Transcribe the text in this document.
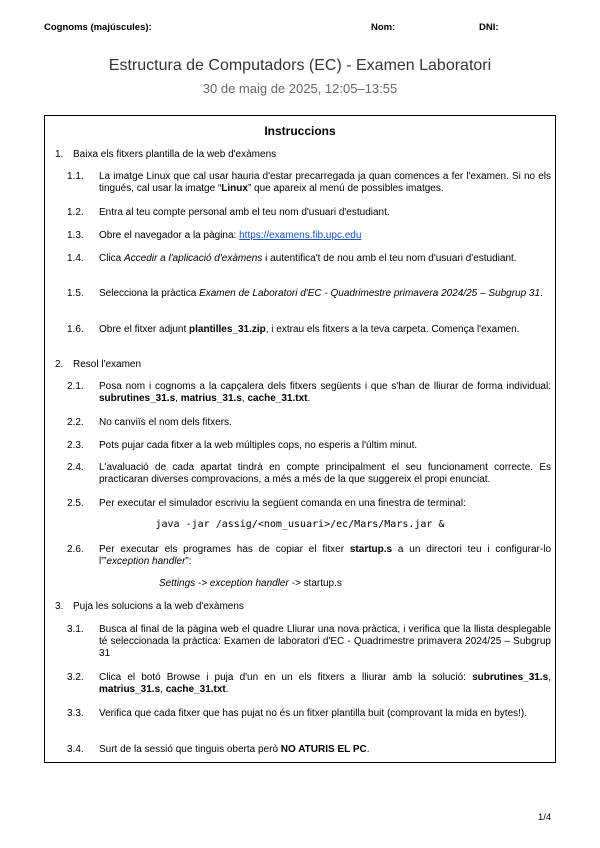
Cognoms (majúscules):	Nom:	DNI:
Estructura de Computadors (EC) - Examen Laboratori
30 de maig de 2025, 12:05–13:55
Instruccions
1. Baixa els fitxers plantilla de la web d'exàmens
1.1. La imatge Linux que cal usar hauria d'estar precarregada ja quan comences a fer l'examen. Si no els tingués, cal usar la imatge “Linux” que apareix al menú de possibles imatges.
1.2. Entra al teu compte personal amb el teu nom d'usuari d'estudiant.
1.3. Obre el navegador a la pàgina: https://examens.fib.upc.edu
1.4. Clica Accedir a l'aplicació d'exàmens i autentifica't de nou amb el teu nom d'usuari d'estudiant.
1.5. Selecciona la pràctica Examen de Laboratori d'EC - Quadrimestre primavera 2024/25 – Subgrup 31.
1.6. Obre el fitxer adjunt plantilles_31.zip, i extrau els fitxers a la teva carpeta. Comença l'examen.
2. Resol l'examen
2.1. Posa nom i cognoms a la capçalera dels fitxers següents i que s'han de lliurar de forma individual: subrutines_31.s, matrius_31.s, cache_31.txt.
2.2. No canviïs el nom dels fitxers.
2.3. Pots pujar cada fitxer a la web múltiples cops, no esperis a l'últim minut.
2.4. L'avaluació de cada apartat tindrà en compte principalment el seu funcionament correcte. Es practicaran diverses comprovacions, a més a més de la que suggereix el propi enunciat.
2.5. Per executar el simulador escriviu la següent comanda en una finestra de terminal:
java -jar /assig/<nom_usuari>/ec/Mars/Mars.jar &
2.6. Per executar els programes has de copiar el fitxer startup.s a un directori teu i configurar-lo l'”exception handler”:
Settings -> exception handler -> startup.s
3. Puja les solucions a la web d'exàmens
3.1. Busca al final de la pàgina web el quadre Lliurar una nova pràctica, i verifica que la llista desplegable té seleccionada la pràctica: Examen de laboratori d'EC - Quadrimestre primavera 2024/25 – Subgrup 31
3.2. Clica el botó Browse i puja d'un en un els fitxers a lliurar amb la solució: subrutines_31.s, matrius_31.s, cache_31.txt.
3.3. Verifica que cada fitxer que has pujat no és un fitxer plantilla buit (comprovant la mida en bytes!).
3.4. Surt de la sessió que tinguis oberta però NO ATURIS EL PC.
1/4
